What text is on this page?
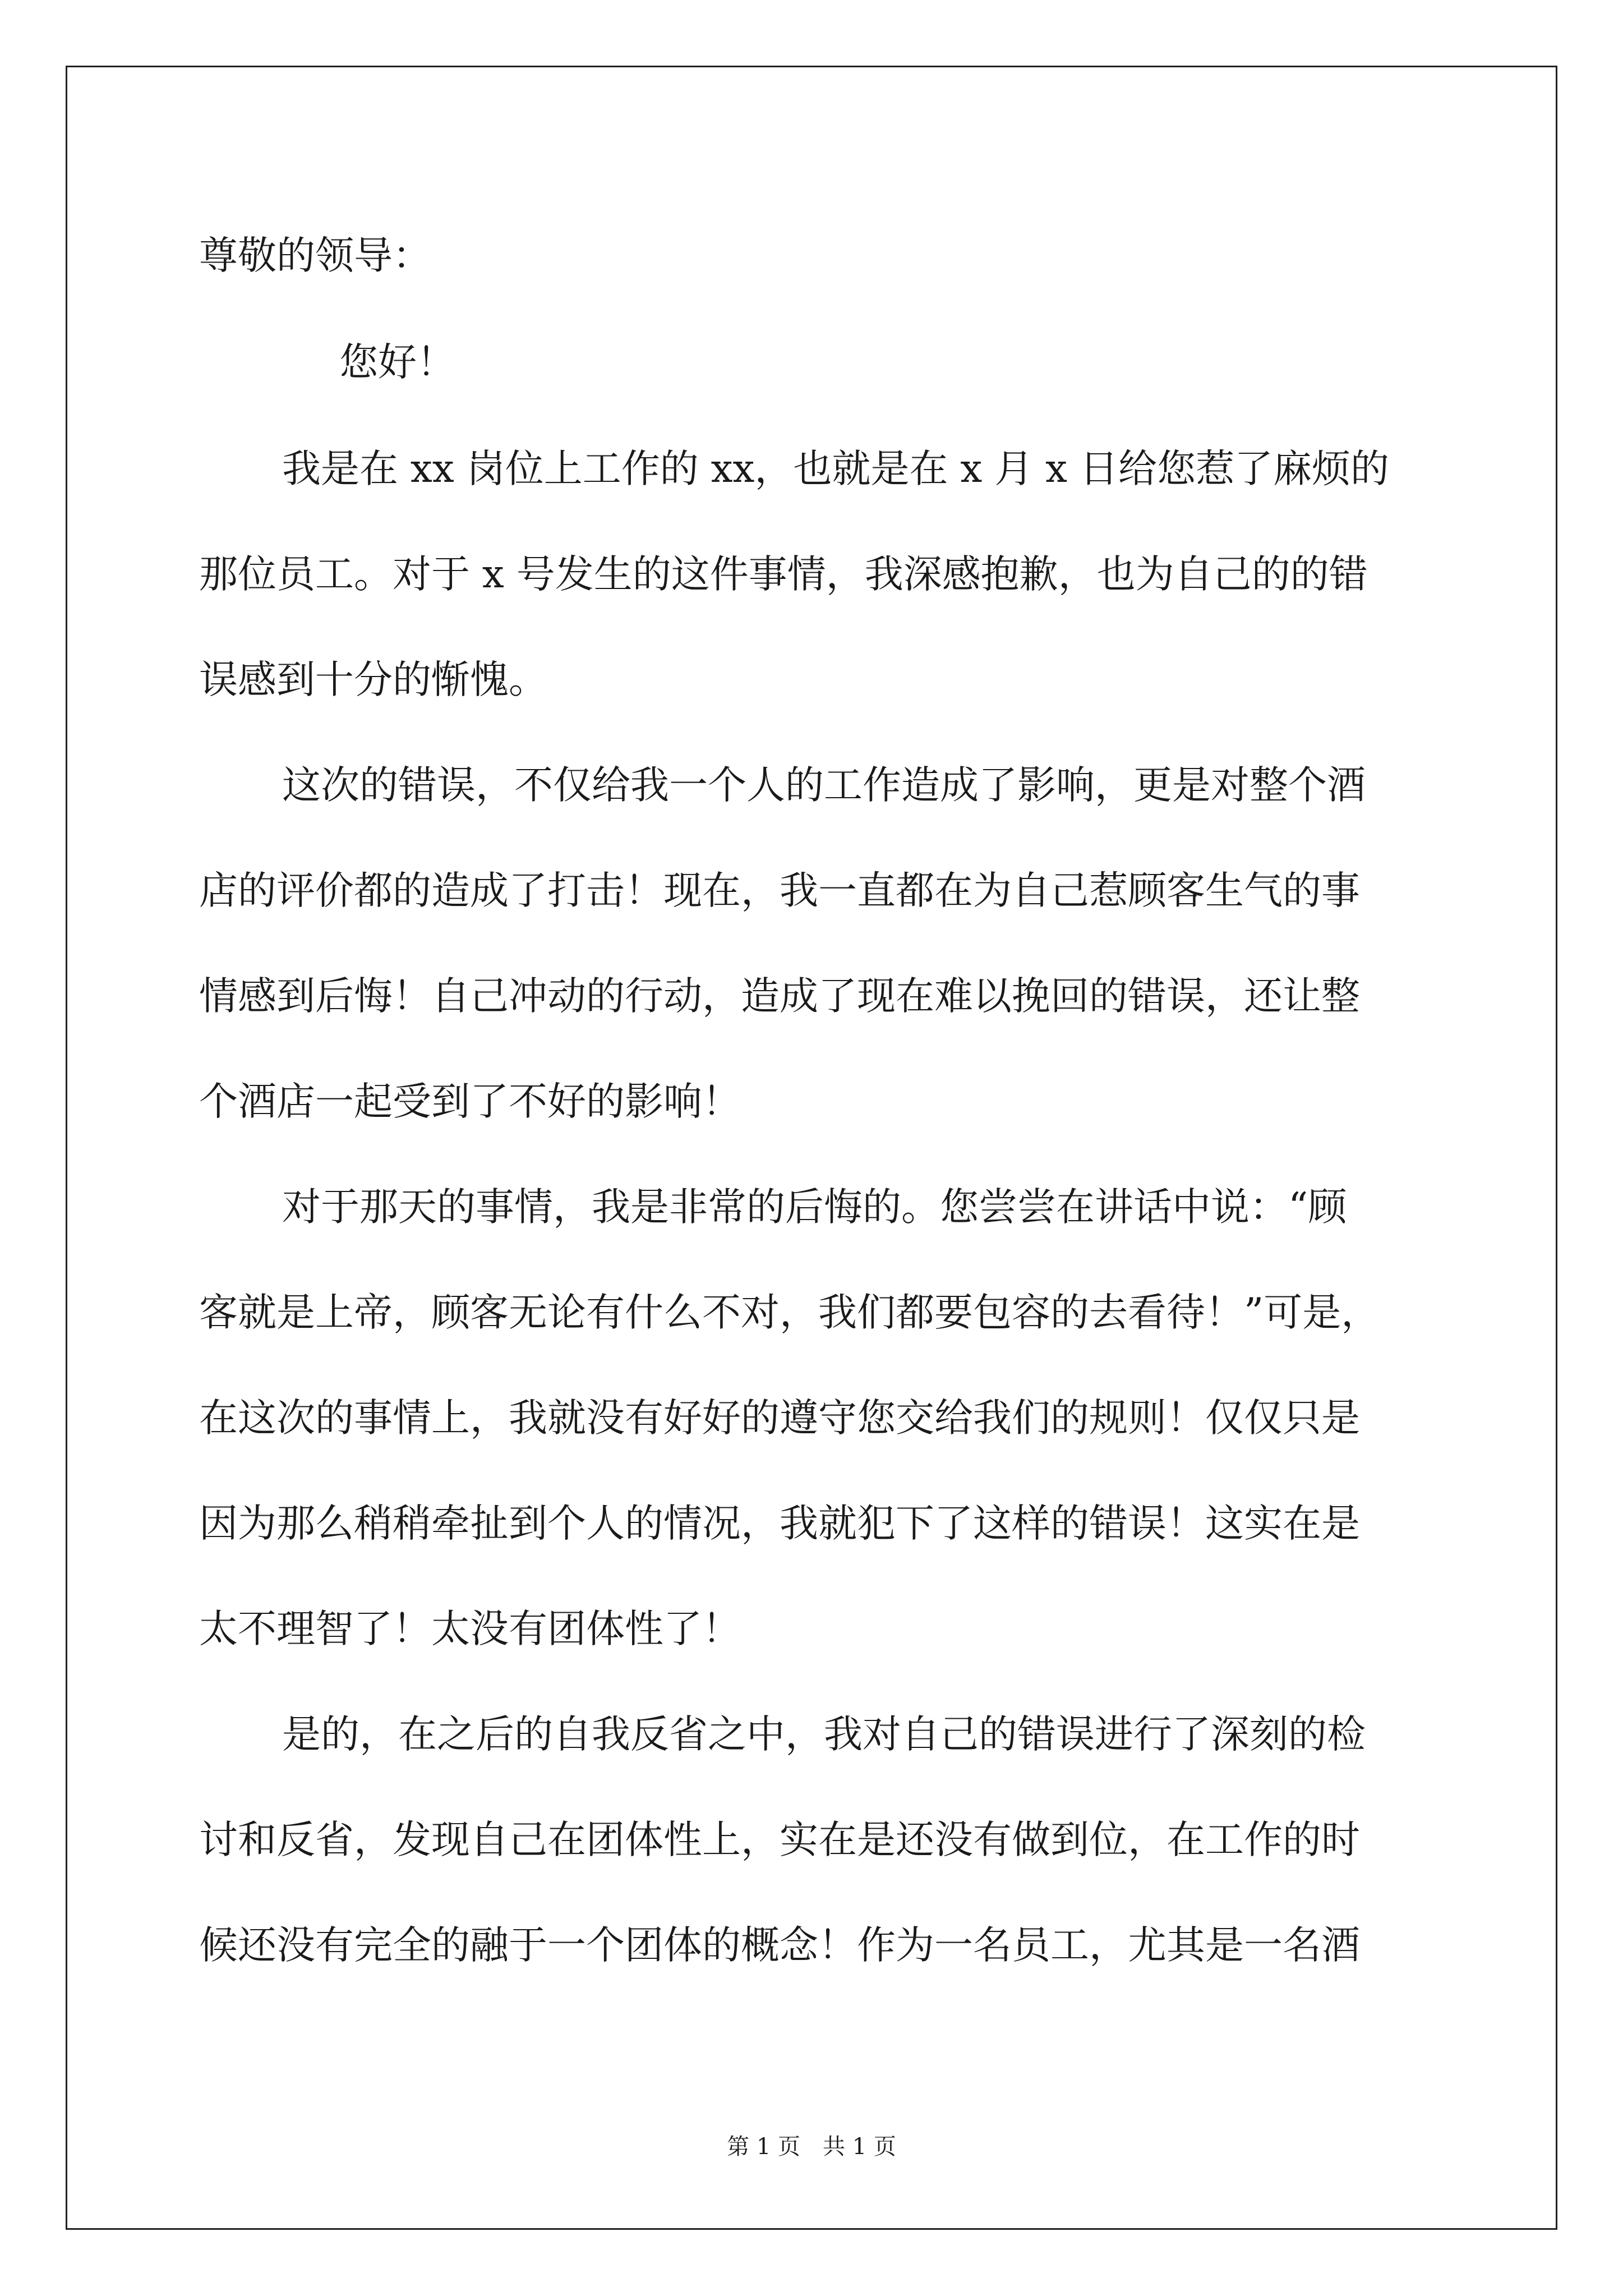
尊敬的领导：
您好！
我是在 xx 岗位上工作的 xx，也就是在 x 月 x 日给您惹了麻烦的
那位员工。对于 x 号发生的这件事情，我深感抱歉，也为自己的的错
误感到十分的惭愧。
这次的错误，不仅给我一个人的工作造成了影响，更是对整个酒
店的评价都的造成了打击！现在，我一直都在为自己惹顾客生气的事
情感到后悔！自己冲动的行动，造成了现在难以挽回的错误，还让整
个酒店一起受到了不好的影响！
对于那天的事情，我是非常的后悔的。您尝尝在讲话中说：“顾
客就是上帝，顾客无论有什么不对，我们都要包容的去看待！”可是，
在这次的事情上，我就没有好好的遵守您交给我们的规则！仅仅只是
因为那么稍稍牵扯到个人的情况，我就犯下了这样的错误！这实在是
太不理智了！太没有团体性了！
是的，在之后的自我反省之中，我对自己的错误进行了深刻的检
讨和反省，发现自己在团体性上，实在是还没有做到位，在工作的时
候还没有完全的融于一个团体的概念！作为一名员工，尤其是一名酒
第 1 页　共 1 页
